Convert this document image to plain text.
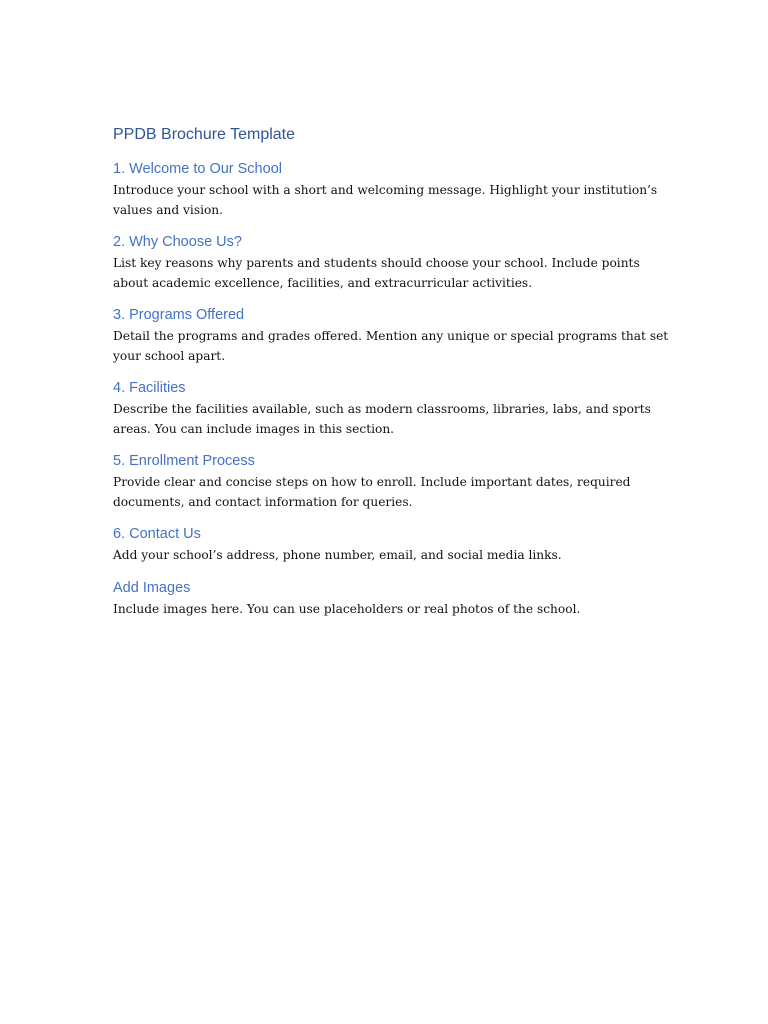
PPDB Brochure Template
1. Welcome to Our School

Introduce your school with a short and welcoming message. Highlight your institution’s values and vision.

2. Why Choose Us?

List key reasons why parents and students should choose your school. Include points about academic excellence, facilities, and extracurricular activities.

3. Programs Offered

Detail the programs and grades offered. Mention any unique or special programs that set your school apart.

4. Facilities

Describe the facilities available, such as modern classrooms, libraries, labs, and sports areas. You can include images in this section.

5. Enrollment Process

Provide clear and concise steps on how to enroll. Include important dates, required documents, and contact information for queries.

6. Contact Us

Add your school’s address, phone number, email, and social media links.

Add Images

Include images here. You can use placeholders or real photos of the school.
